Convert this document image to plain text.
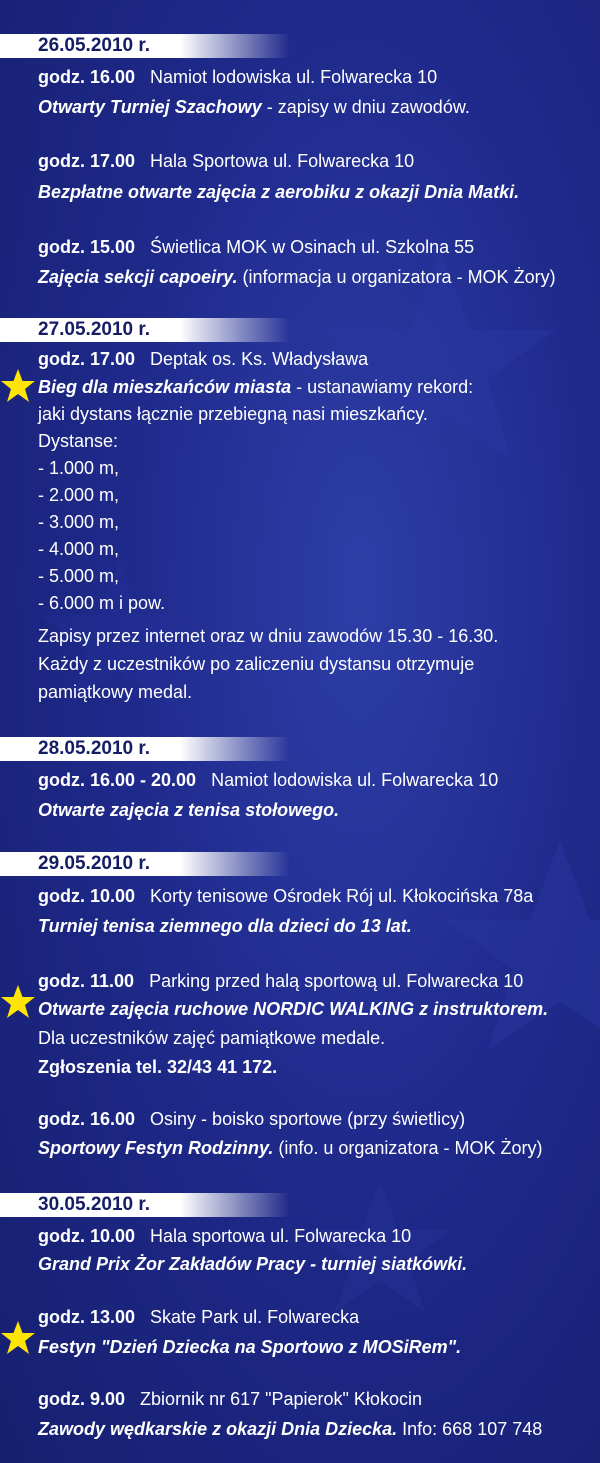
26.05.2010 r.
godz. 16.00 Namiot lodowiska ul. Folwarecka 10
Otwarty Turniej Szachowy - zapisy w dniu zawodów.
godz. 17.00 Hala Sportowa ul. Folwarecka 10
Bezpłatne otwarte zajęcia z aerobiku z okazji Dnia Matki.
godz. 15.00 Świetlica MOK w Osinach ul. Szkolna 55
Zajęcia sekcji capoeiry. (informacja u organizatora - MOK Żory)
27.05.2010 r.
godz. 17.00 Deptak os. Ks. Władysława
Bieg dla mieszkańców miasta - ustanawiamy rekord:
jaki dystans łącznie przebiegną nasi mieszkańcy.
Dystanse:
- 1.000 m,
- 2.000 m,
- 3.000 m,
- 4.000 m,
- 5.000 m,
- 6.000 m i pow.
Zapisy przez internet oraz w dniu zawodów 15.30 - 16.30.
Każdy z uczestników po zaliczeniu dystansu otrzymuje
pamiątkowy medal.
28.05.2010 r.
godz. 16.00 - 20.00 Namiot lodowiska ul. Folwarecka 10
Otwarte zajęcia z tenisa stołowego.
29.05.2010 r.
godz. 10.00 Korty tenisowe Ośrodek Rój ul. Kłokocińska 78a
Turniej tenisa ziemnego dla dzieci do 13 lat.
godz. 11.00 Parking przed halą sportową ul. Folwarecka 10
Otwarte zajęcia ruchowe NORDIC WALKING z instruktorem.
Dla uczestników zajęć pamiątkowe medale.
Zgłoszenia tel. 32/43 41 172.
godz. 16.00 Osiny - boisko sportowe (przy świetlicy)
Sportowy Festyn Rodzinny. (info. u organizatora - MOK Żory)
30.05.2010 r.
godz. 10.00 Hala sportowa ul. Folwarecka 10
Grand Prix Żor Zakładów Pracy - turniej siatkówki.
godz. 13.00 Skate Park ul. Folwarecka
Festyn "Dzień Dziecka na Sportowo z MOSiRem".
godz. 9.00 Zbiornik nr 617 "Papierok" Kłokocin
Zawody wędkarskie z okazji Dnia Dziecka. Info: 668 107 748
